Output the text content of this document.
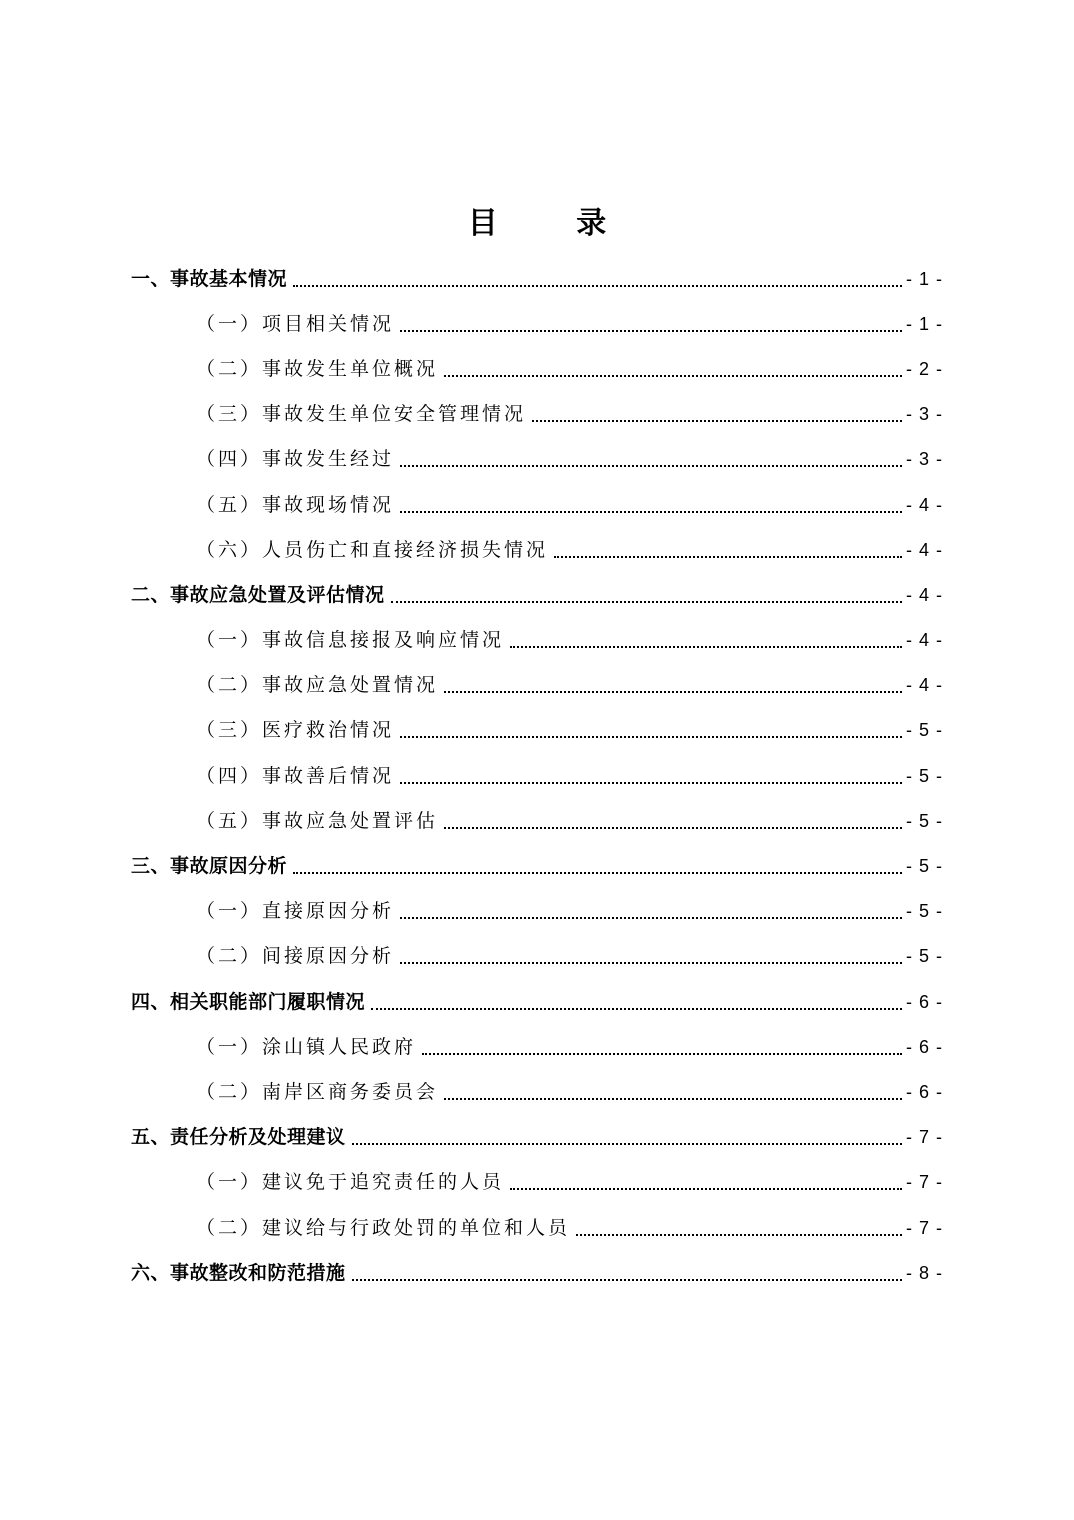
目 录
一、事故基本情况	- 1 -
（一）项目相关情况	- 1 -
（二）事故发生单位概况	- 2 -
（三）事故发生单位安全管理情况	- 3 -
（四）事故发生经过	- 3 -
（五）事故现场情况	- 4 -
（六）人员伤亡和直接经济损失情况	- 4 -
二、事故应急处置及评估情况	- 4 -
（一）事故信息接报及响应情况	- 4 -
（二）事故应急处置情况	- 4 -
（三）医疗救治情况	- 5 -
（四）事故善后情况	- 5 -
（五）事故应急处置评估	- 5 -
三、事故原因分析	- 5 -
（一）直接原因分析	- 5 -
（二）间接原因分析	- 5 -
四、相关职能部门履职情况	- 6 -
（一）涂山镇人民政府	- 6 -
（二）南岸区商务委员会	- 6 -
五、责任分析及处理建议	- 7 -
（一）建议免于追究责任的人员	- 7 -
（二）建议给与行政处罚的单位和人员	- 7 -
六、事故整改和防范措施	- 8 -
